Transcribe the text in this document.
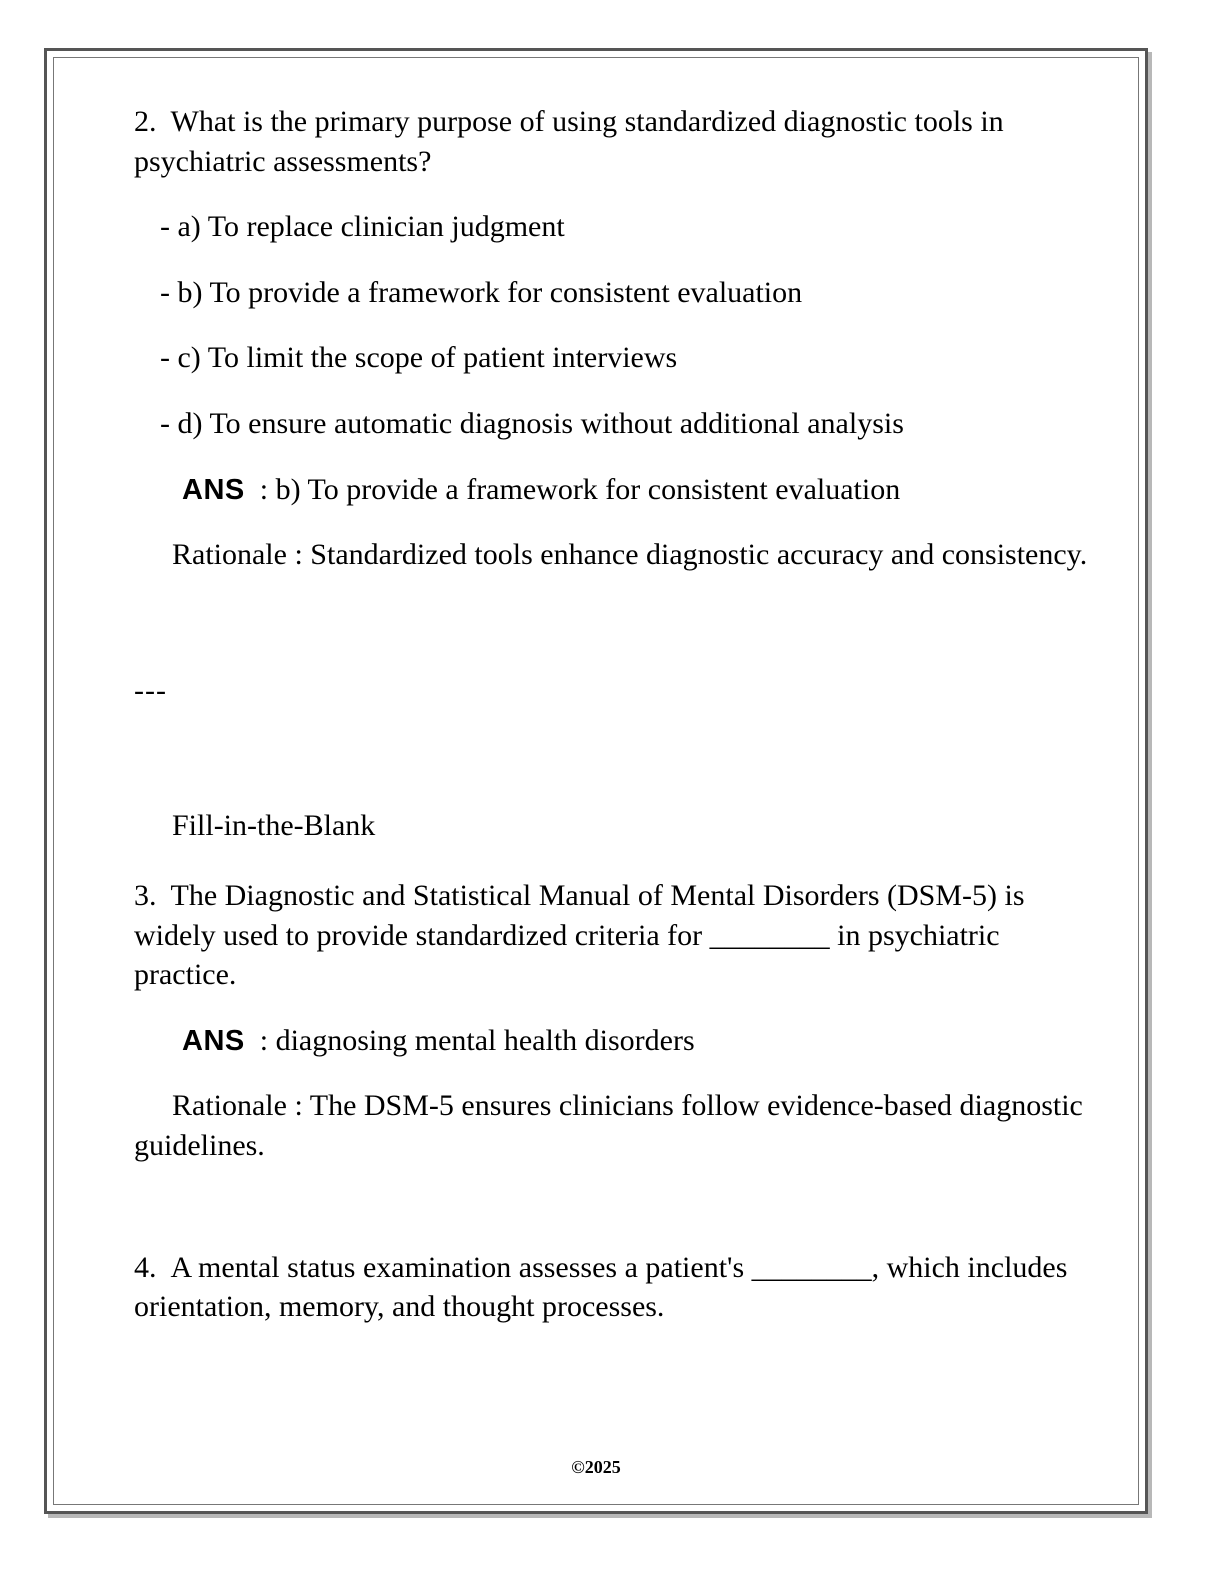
2. What is the primary purpose of using standardized diagnostic tools in psychiatric assessments?

- a) To replace clinician judgment

- b) To provide a framework for consistent evaluation

- c) To limit the scope of patient interviews

- d) To ensure automatic diagnosis without additional analysis

ANS : b) To provide a framework for consistent evaluation

Rationale : Standardized tools enhance diagnostic accuracy and consistency.

---

Fill-in-the-Blank

3. The Diagnostic and Statistical Manual of Mental Disorders (DSM-5) is widely used to provide standardized criteria for ________ in psychiatric practice.

ANS : diagnosing mental health disorders

Rationale : The DSM-5 ensures clinicians follow evidence-based diagnostic guidelines.

4. A mental status examination assesses a patient's ________, which includes orientation, memory, and thought processes.

©2025
